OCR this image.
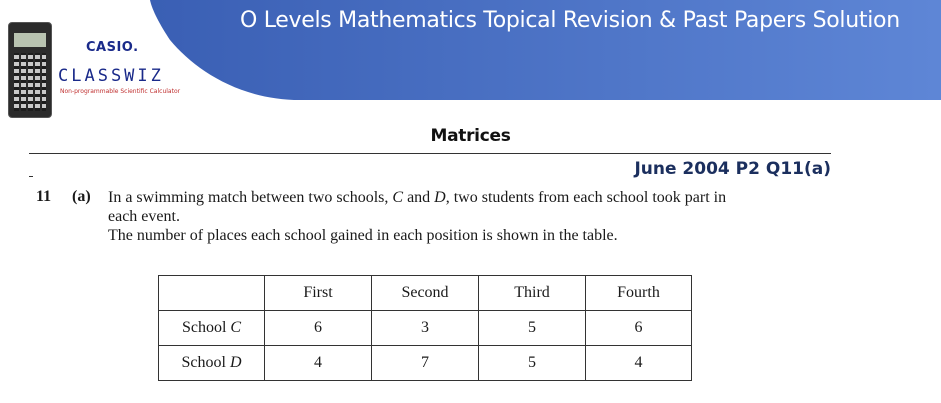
O Levels Mathematics Topical Revision & Past Papers Solution
CASIO.
CLASSWIZ
Non-programmable Scientific Calculator
Matrices
June 2004 P2 Q11(a)
11 (a) In a swimming match between two schools, C and D, two students from each school took part in

each event.

The number of places each school gained in each position is shown in the table.

	First	Second	Third	Fourth
School C	6	3	5	6
School D	4	7	5	4
